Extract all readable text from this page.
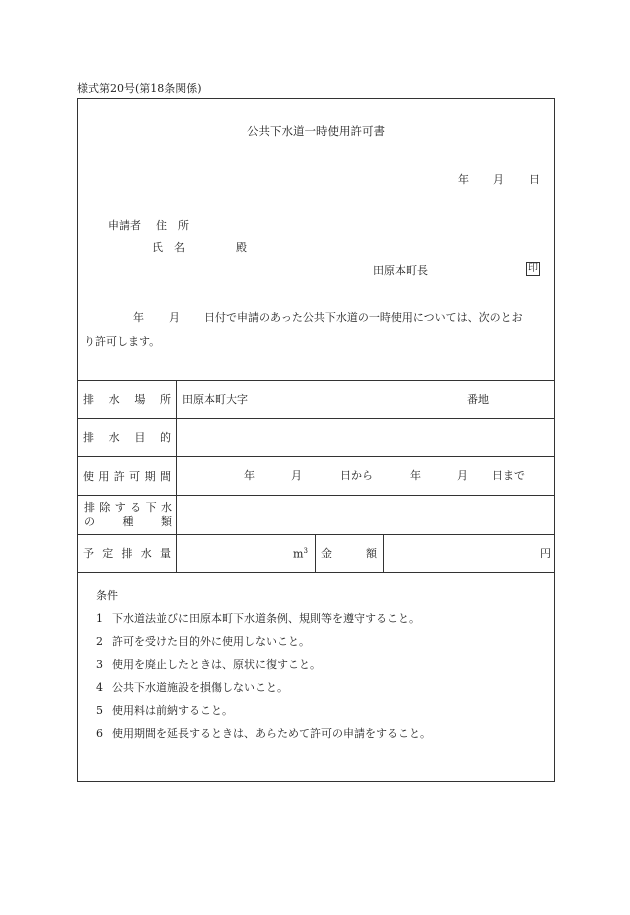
様式第20号(第18条関係)
公共下水道一時使用許可書
年 月 日
申請者 住　所
氏　名	殿
田原本町長	印
年 月 日付で申請のあった公共下水道の一時使用については、次のとお
り許可します。
排 水 場 所 田原本町大字	番地
排 水 目 的
使 用 許 可 期 間	年	月	日から	年	月 日まで
排 除 す る 下 水
の	種	類
予 定 排 水 量	$m^3$ 金	額	円
条件
1 下水道法並びに田原本町下水道条例、規則等を遵守すること。
2 許可を受けた目的外に使用しないこと。
3 使用を廃止したときは、原状に復すこと。
4 公共下水道施設を損傷しないこと。
5 使用料は前納すること。
6 使用期間を延長するときは、あらためて許可の申請をすること。
